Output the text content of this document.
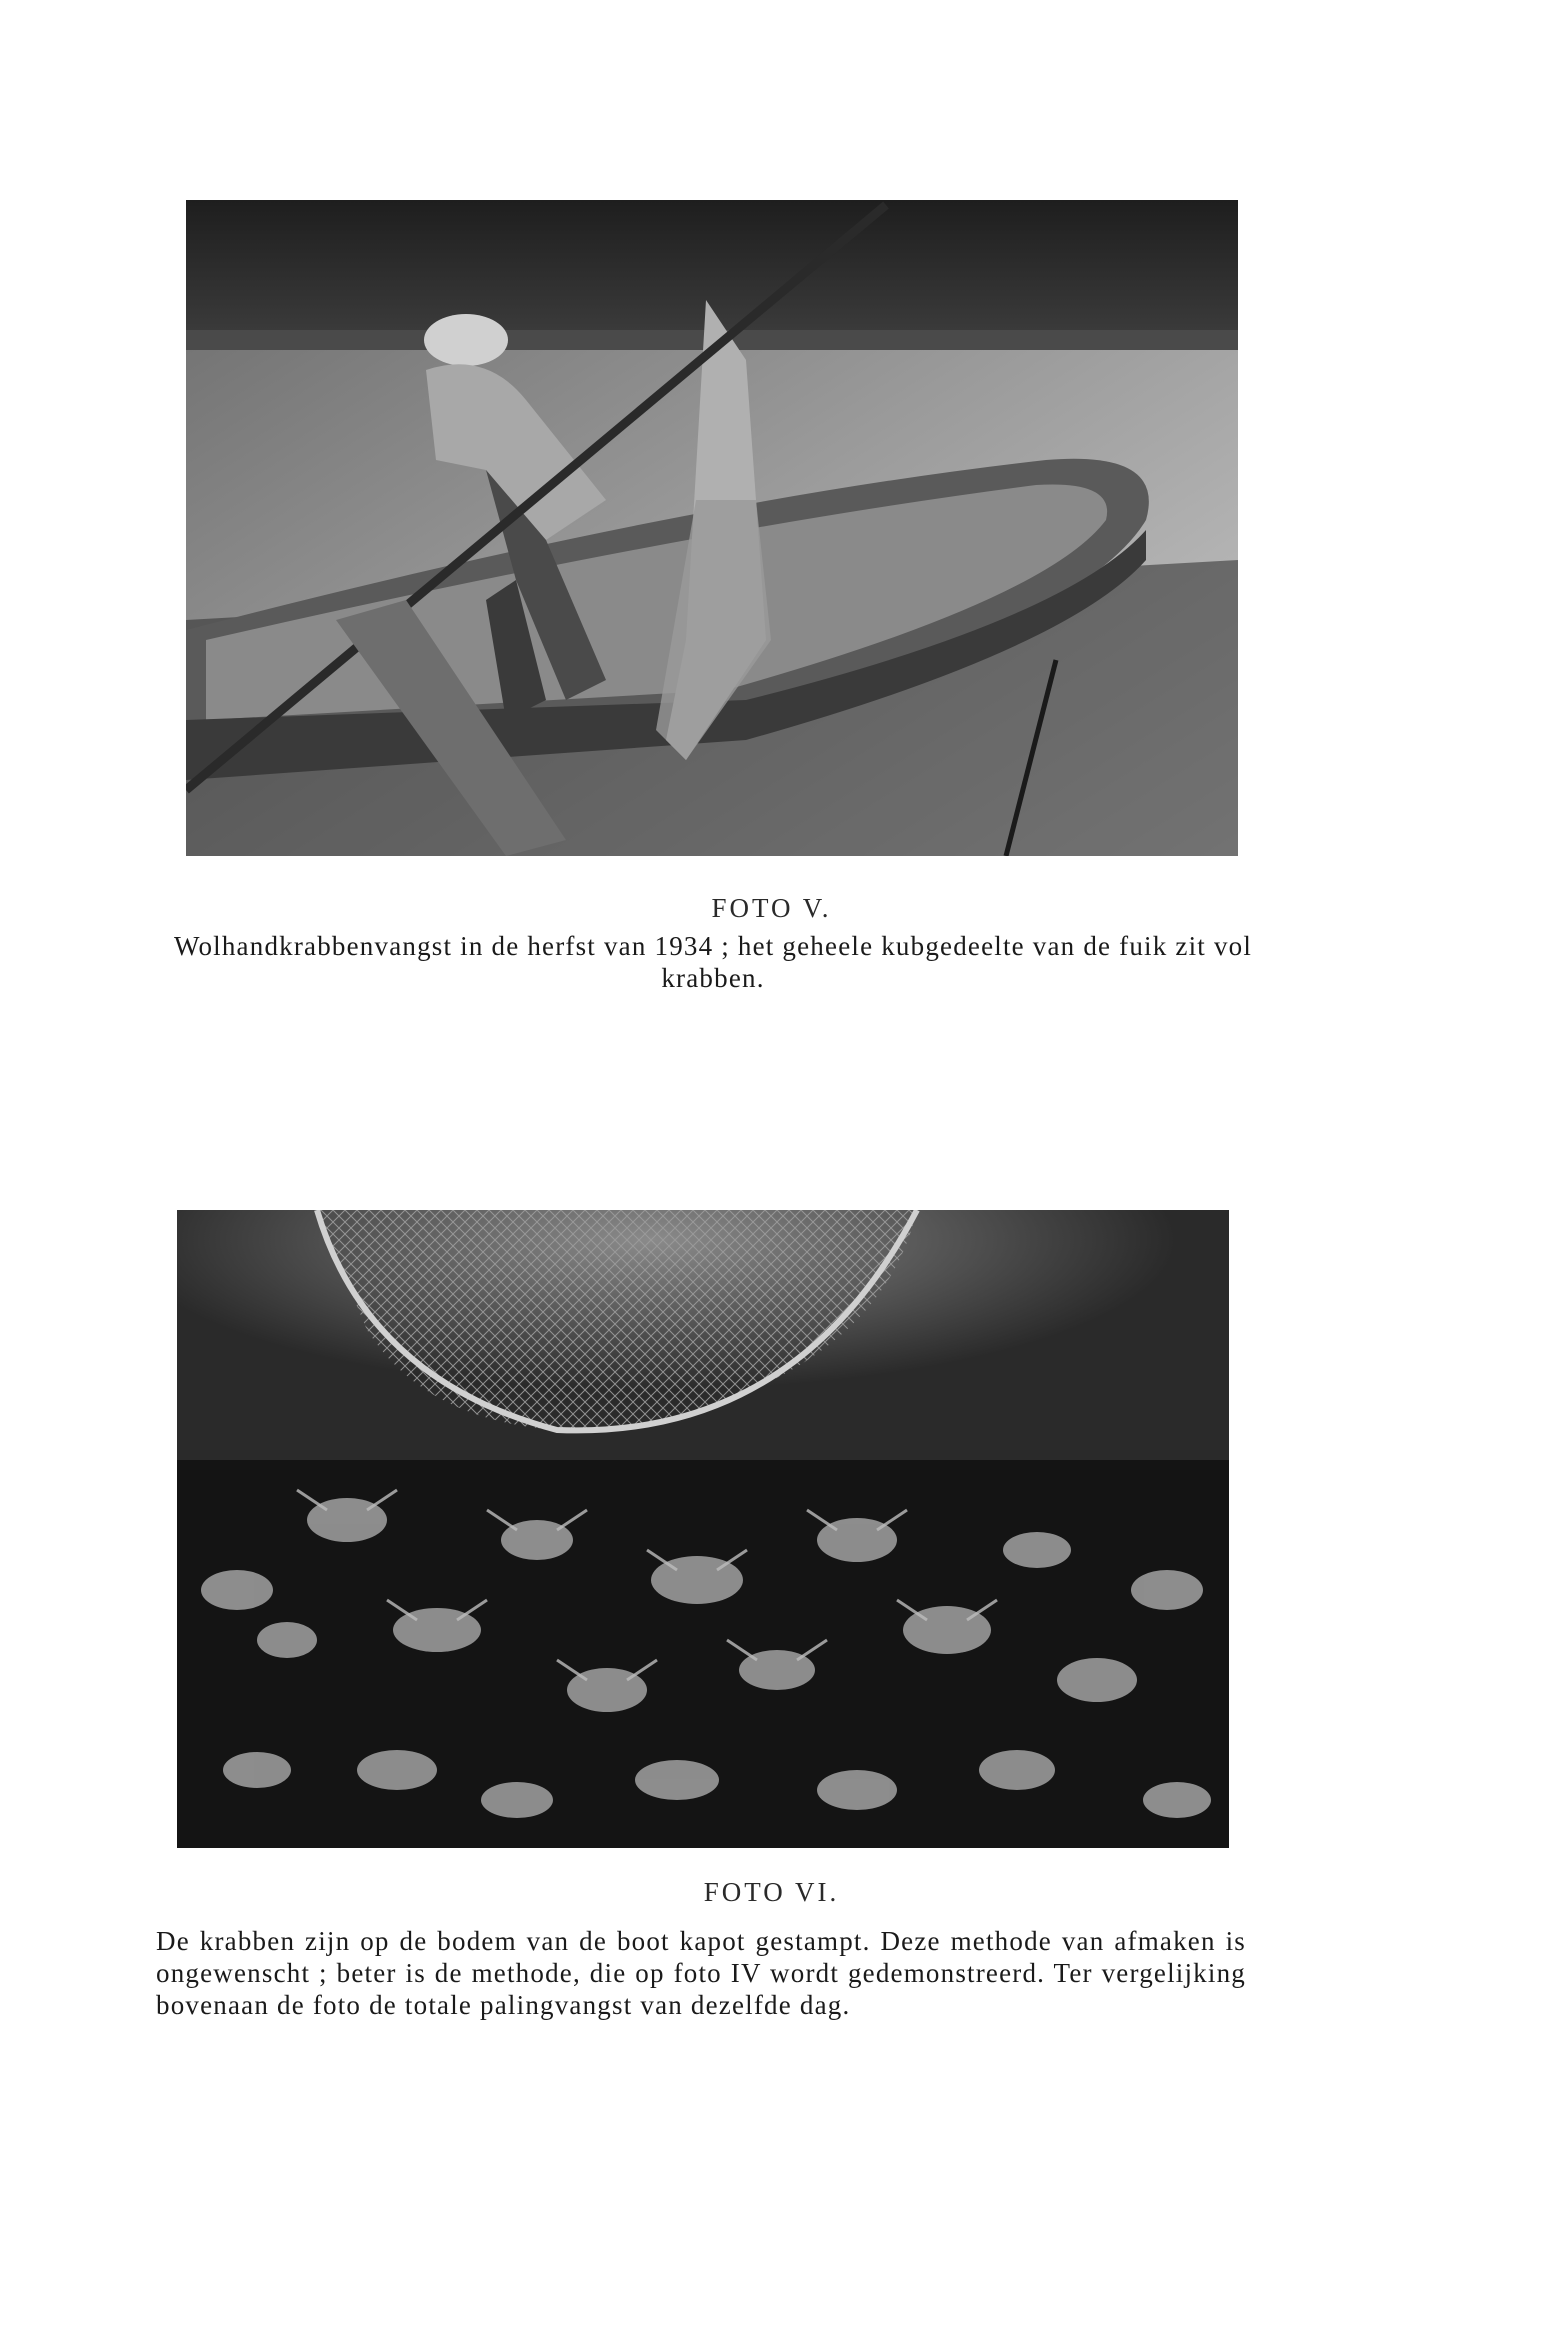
FOTO V.
Wolhandkrabbenvangst in de herfst van 1934 ; het geheele kubgedeelte van de fuik zit vol krabben.
FOTO VI.
De krabben zijn op de bodem van de boot kapot gestampt. Deze methode van afmaken is ongewenscht ; beter is de methode, die op foto IV wordt gedemonstreerd. Ter vergelijking bovenaan de foto de totale palingvangst van dezelfde dag.
